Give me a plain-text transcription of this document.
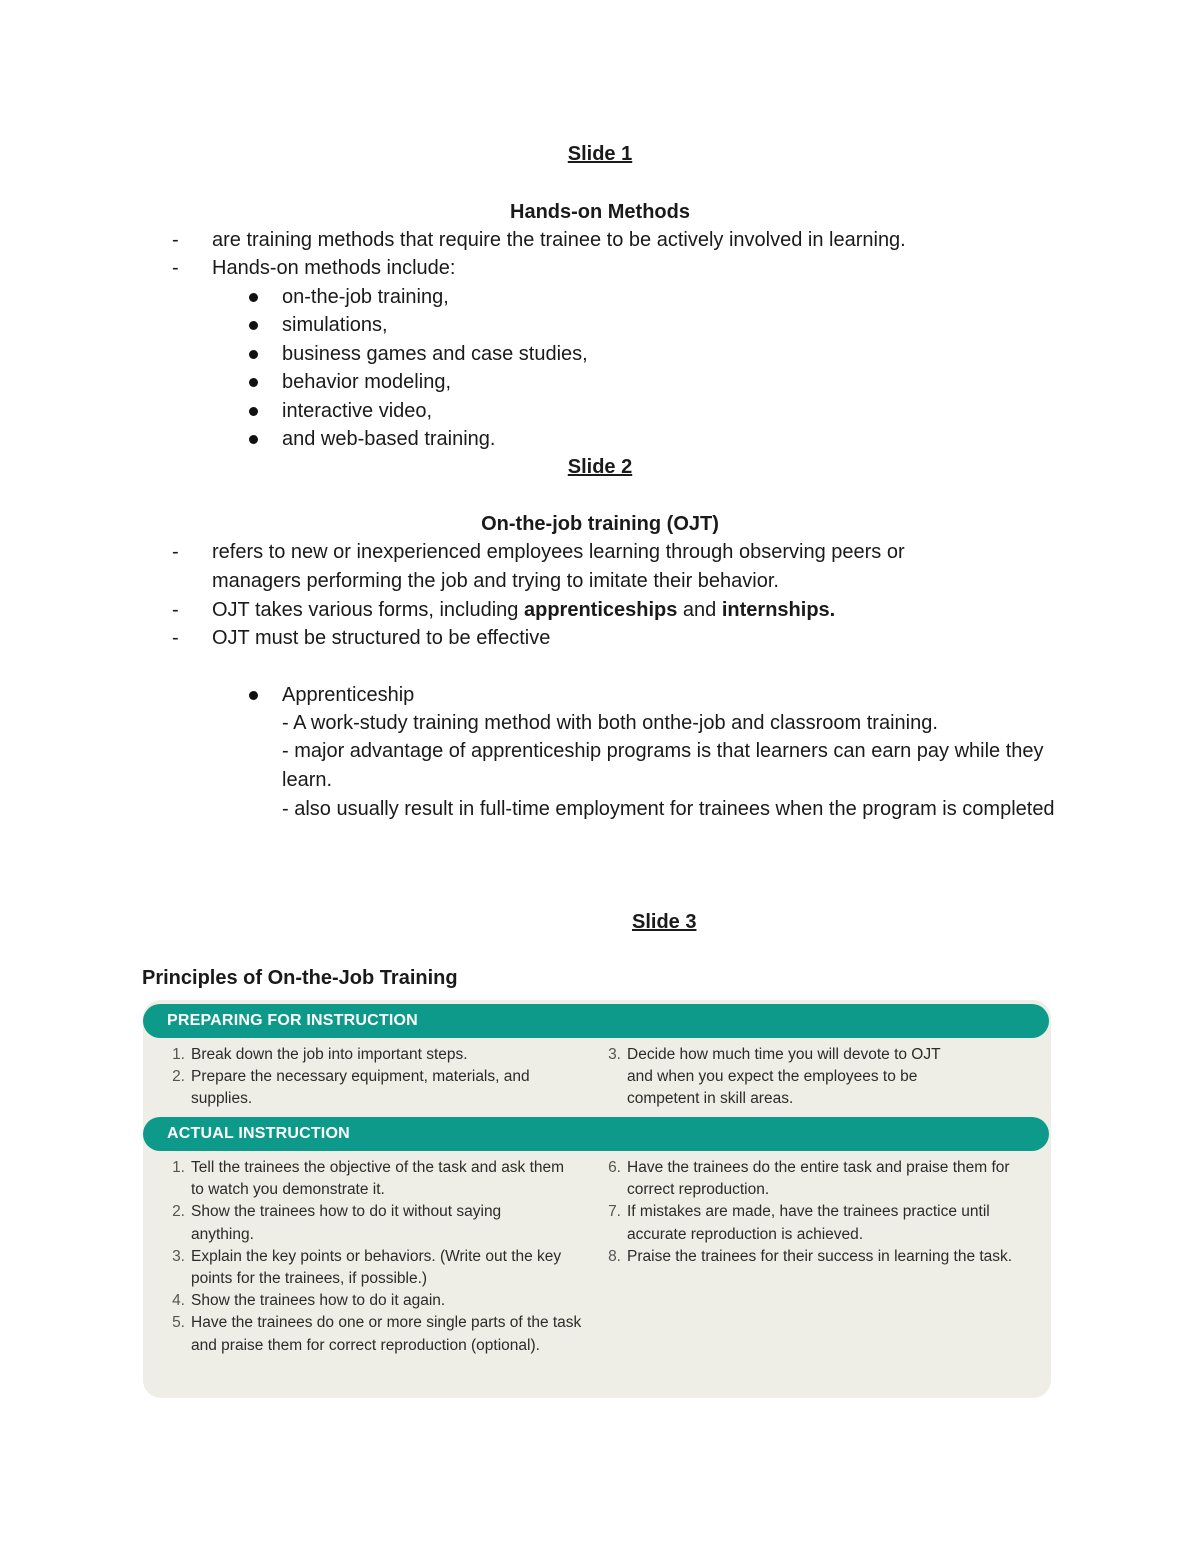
Slide 1
Hands-on Methods
- are training methods that require the trainee to be actively involved in learning.
- Hands-on methods include:
on-the-job training,
simulations,
business games and case studies,
behavior modeling,
interactive video,
and web-based training.
Slide 2
On-the-job training (OJT)
- refers to new or inexperienced employees learning through observing peers or managers performing the job and trying to imitate their behavior.
- OJT takes various forms, including apprenticeships and internships.
- OJT must be structured to be effective
Apprenticeship
- A work-study training method with both onthe-job and classroom training.
- major advantage of apprenticeship programs is that learners can earn pay while they learn.
- also usually result in full-time employment for trainees when the program is completed
Slide 3
Principles of On-the-Job Training
PREPARING FOR INSTRUCTION
1. Break down the job into important steps.
2. Prepare the necessary equipment, materials, and supplies.
3. Decide how much time you will devote to OJT and when you expect the employees to be competent in skill areas.
ACTUAL INSTRUCTION
1. Tell the trainees the objective of the task and ask them to watch you demonstrate it.
2. Show the trainees how to do it without saying anything.
3. Explain the key points or behaviors. (Write out the key points for the trainees, if possible.)
4. Show the trainees how to do it again.
5. Have the trainees do one or more single parts of the task and praise them for correct reproduction (optional).
6. Have the trainees do the entire task and praise them for correct reproduction.
7. If mistakes are made, have the trainees practice until accurate reproduction is achieved.
8. Praise the trainees for their success in learning the task.
